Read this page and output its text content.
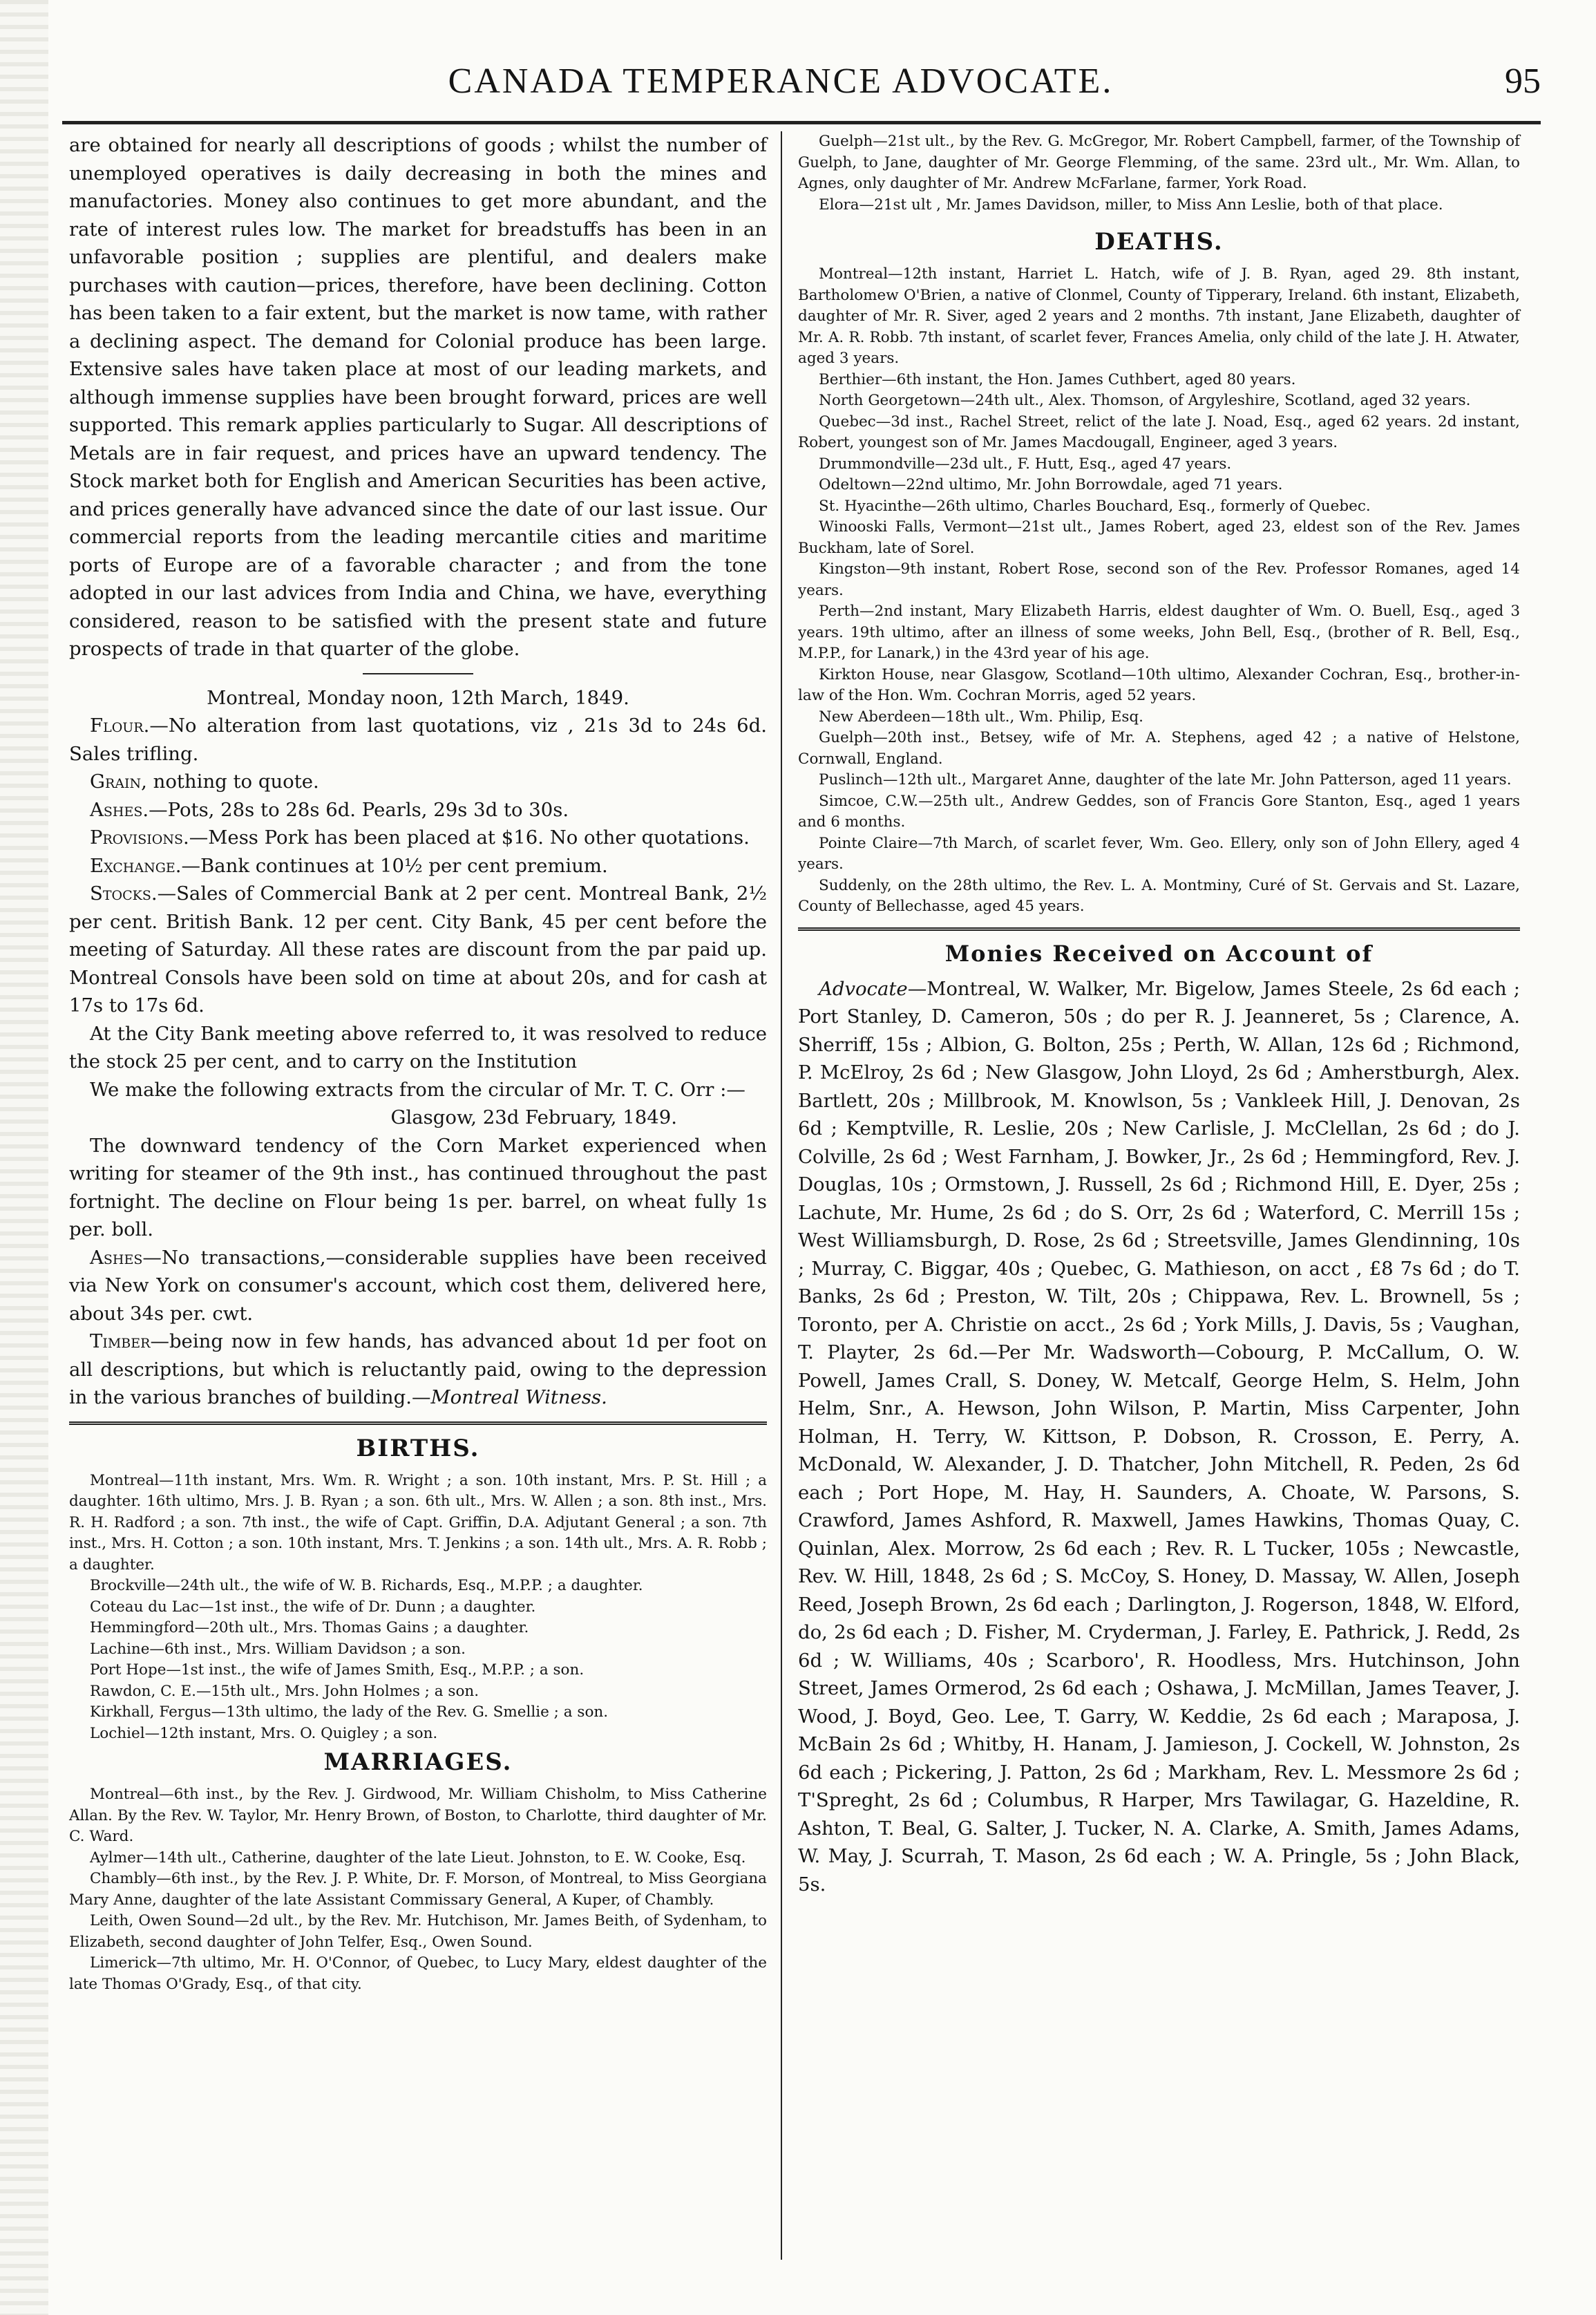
CANADA TEMPERANCE ADVOCATE.	95

are obtained for nearly all descriptions of goods ; whilst the number of unemployed operatives is daily decreasing in both the mines and manufactories. Money also continues to get more abundant, and the rate of interest rules low. The market for breadstuffs has been in an unfavorable position ; supplies are plentiful, and dealers make purchases with caution—prices, therefore, have been declining. Cotton has been taken to a fair extent, but the market is now tame, with rather a declining aspect. The demand for Colonial produce has been large. Extensive sales have taken place at most of our leading markets, and although immense supplies have been brought forward, prices are well supported. This remark applies particularly to Sugar. All descriptions of Metals are in fair request, and prices have an upward tendency. The Stock market both for English and American Securities has been active, and prices generally have advanced since the date of our last issue. Our commercial reports from the leading mercantile cities and maritime ports of Europe are of a favorable character ; and from the tone adopted in our last advices from India and China, we have, everything considered, reason to be satisfied with the present state and future prospects of trade in that quarter of the globe.

Montreal, Monday noon, 12th March, 1849.

Flour.—No alteration from last quotations, viz , 21s 3d to 24s 6d. Sales trifling.

Grain, nothing to quote.

Ashes.—Pots, 28s to 28s 6d. Pearls, 29s 3d to 30s.

Provisions.—Mess Pork has been placed at $16. No other quotations.

Exchange.—Bank continues at 10½ per cent premium.

Stocks.—Sales of Commercial Bank at 2 per cent. Montreal Bank, 2½ per cent. British Bank. 12 per cent. City Bank, 45 per cent before the meeting of Saturday. All these rates are discount from the par paid up. Montreal Consols have been sold on time at about 20s, and for cash at 17s to 17s 6d.

At the City Bank meeting above referred to, it was resolved to reduce the stock 25 per cent, and to carry on the Institution

We make the following extracts from the circular of Mr. T. C. Orr :—

Glasgow, 23d February, 1849.

The downward tendency of the Corn Market experienced when writing for steamer of the 9th inst., has continued throughout the past fortnight. The decline on Flour being 1s per. barrel, on wheat fully 1s per. boll.

Ashes—No transactions,—considerable supplies have been received via New York on consumer's account, which cost them, delivered here, about 34s per. cwt.

Timber—being now in few hands, has advanced about 1d per foot on all descriptions, but which is reluctantly paid, owing to the depression in the various branches of building.—Montreal Witness.

BIRTHS.

Montreal—11th instant, Mrs. Wm. R. Wright ; a son. 10th instant, Mrs. P. St. Hill ; a daughter. 16th ultimo, Mrs. J. B. Ryan ; a son. 6th ult., Mrs. W. Allen ; a son. 8th inst., Mrs. R. H. Radford ; a son. 7th inst., the wife of Capt. Griffin, D.A. Adjutant General ; a son. 7th inst., Mrs. H. Cotton ; a son. 10th instant, Mrs. T. Jenkins ; a son. 14th ult., Mrs. A. R. Robb ; a daughter.

Brockville—24th ult., the wife of W. B. Richards, Esq., M.P.P. ; a daughter.

Coteau du Lac—1st inst., the wife of Dr. Dunn ; a daughter.

Hemmingford—20th ult., Mrs. Thomas Gains ; a daughter.

Lachine—6th inst., Mrs. William Davidson ; a son.

Port Hope—1st inst., the wife of James Smith, Esq., M.P.P. ; a son.

Rawdon, C. E.—15th ult., Mrs. John Holmes ; a son.

Kirkhall, Fergus—13th ultimo, the lady of the Rev. G. Smellie ; a son.

Lochiel—12th instant, Mrs. O. Quigley ; a son.

MARRIAGES.

Montreal—6th inst., by the Rev. J. Girdwood, Mr. William Chisholm, to Miss Catherine Allan. By the Rev. W. Taylor, Mr. Henry Brown, of Boston, to Charlotte, third daughter of Mr. C. Ward.

Aylmer—14th ult., Catherine, daughter of the late Lieut. Johnston, to E. W. Cooke, Esq.

Chambly—6th inst., by the Rev. J. P. White, Dr. F. Morson, of Montreal, to Miss Georgiana Mary Anne, daughter of the late Assistant Commissary General, A Kuper, of Chambly.

Leith, Owen Sound—2d ult., by the Rev. Mr. Hutchison, Mr. James Beith, of Sydenham, to Elizabeth, second daughter of John Telfer, Esq., Owen Sound.

Limerick—7th ultimo, Mr. H. O'Connor, of Quebec, to Lucy Mary, eldest daughter of the late Thomas O'Grady, Esq., of that city.

Guelph—21st ult., by the Rev. G. McGregor, Mr. Robert Campbell, farmer, of the Township of Guelph, to Jane, daughter of Mr. George Flemming, of the same. 23rd ult., Mr. Wm. Allan, to Agnes, only daughter of Mr. Andrew McFarlane, farmer, York Road.

Elora—21st ult , Mr. James Davidson, miller, to Miss Ann Leslie, both of that place.

DEATHS.

Montreal—12th instant, Harriet L. Hatch, wife of J. B. Ryan, aged 29. 8th instant, Bartholomew O'Brien, a native of Clonmel, County of Tipperary, Ireland. 6th instant, Elizabeth, daughter of Mr. R. Siver, aged 2 years and 2 months. 7th instant, Jane Elizabeth, daughter of Mr. A. R. Robb. 7th instant, of scarlet fever, Frances Amelia, only child of the late J. H. Atwater, aged 3 years.

Berthier—6th instant, the Hon. James Cuthbert, aged 80 years.

North Georgetown—24th ult., Alex. Thomson, of Argyleshire, Scotland, aged 32 years.

Quebec—3d inst., Rachel Street, relict of the late J. Noad, Esq., aged 62 years. 2d instant, Robert, youngest son of Mr. James Macdougall, Engineer, aged 3 years.

Drummondville—23d ult., F. Hutt, Esq., aged 47 years.

Odeltown—22nd ultimo, Mr. John Borrowdale, aged 71 years.

St. Hyacinthe—26th ultimo, Charles Bouchard, Esq., formerly of Quebec.

Winooski Falls, Vermont—21st ult., James Robert, aged 23, eldest son of the Rev. James Buckham, late of Sorel.

Kingston—9th instant, Robert Rose, second son of the Rev. Professor Romanes, aged 14 years.

Perth—2nd instant, Mary Elizabeth Harris, eldest daughter of Wm. O. Buell, Esq., aged 3 years. 19th ultimo, after an illness of some weeks, John Bell, Esq., (brother of R. Bell, Esq., M.P.P., for Lanark,) in the 43rd year of his age.

Kirkton House, near Glasgow, Scotland—10th ultimo, Alexander Cochran, Esq., brother-in-law of the Hon. Wm. Cochran Morris, aged 52 years.

New Aberdeen—18th ult., Wm. Philip, Esq.

Guelph—20th inst., Betsey, wife of Mr. A. Stephens, aged 42 ; a native of Helstone, Cornwall, England.

Puslinch—12th ult., Margaret Anne, daughter of the late Mr. John Patterson, aged 11 years.

Simcoe, C.W.—25th ult., Andrew Geddes, son of Francis Gore Stanton, Esq., aged 1 years and 6 months.

Pointe Claire—7th March, of scarlet fever, Wm. Geo. Ellery, only son of John Ellery, aged 4 years.

Suddenly, on the 28th ultimo, the Rev. L. A. Montminy, Curé of St. Gervais and St. Lazare, County of Bellechasse, aged 45 years.

Monies Received on Account of

Advocate—Montreal, W. Walker, Mr. Bigelow, James Steele, 2s 6d each ; Port Stanley, D. Cameron, 50s ; do per R. J. Jeanneret, 5s ; Clarence, A. Sherriff, 15s ; Albion, G. Bolton, 25s ; Perth, W. Allan, 12s 6d ; Richmond, P. McElroy, 2s 6d ; New Glasgow, John Lloyd, 2s 6d ; Amherstburgh, Alex. Bartlett, 20s ; Millbrook, M. Knowlson, 5s ; Vankleek Hill, J. Denovan, 2s 6d ; Kemptville, R. Leslie, 20s ; New Carlisle, J. McClellan, 2s 6d ; do J. Colville, 2s 6d ; West Farnham, J. Bowker, Jr., 2s 6d ; Hemmingford, Rev. J. Douglas, 10s ; Ormstown, J. Russell, 2s 6d ; Richmond Hill, E. Dyer, 25s ; Lachute, Mr. Hume, 2s 6d ; do S. Orr, 2s 6d ; Waterford, C. Merrill 15s ; West Williamsburgh, D. Rose, 2s 6d ; Streetsville, James Glendinning, 10s ; Murray, C. Biggar, 40s ; Quebec, G. Mathieson, on acct , £8 7s 6d ; do T. Banks, 2s 6d ; Preston, W. Tilt, 20s ; Chippawa, Rev. L. Brownell, 5s ; Toronto, per A. Christie on acct., 2s 6d ; York Mills, J. Davis, 5s ; Vaughan, T. Playter, 2s 6d.—Per Mr. Wadsworth—Cobourg, P. McCallum, O. W. Powell, James Crall, S. Doney, W. Metcalf, George Helm, S. Helm, John Helm, Snr., A. Hewson, John Wilson, P. Martin, Miss Carpenter, John Holman, H. Terry, W. Kittson, P. Dobson, R. Crosson, E. Perry, A. McDonald, W. Alexander, J. D. Thatcher, John Mitchell, R. Peden, 2s 6d each ; Port Hope, M. Hay, H. Saunders, A. Choate, W. Parsons, S. Crawford, James Ashford, R. Maxwell, James Hawkins, Thomas Quay, C. Quinlan, Alex. Morrow, 2s 6d each ; Rev. R. L Tucker, 105s ; Newcastle, Rev. W. Hill, 1848, 2s 6d ; S. McCoy, S. Honey, D. Massay, W. Allen, Joseph Reed, Joseph Brown, 2s 6d each ; Darlington, J. Rogerson, 1848, W. Elford, do, 2s 6d each ; D. Fisher, M. Cryderman, J. Farley, E. Pathrick, J. Redd, 2s 6d ; W. Williams, 40s ; Scarboro', R. Hoodless, Mrs. Hutchinson, John Street, James Ormerod, 2s 6d each ; Oshawa, J. McMillan, James Teaver, J. Wood, J. Boyd, Geo. Lee, T. Garry, W. Keddie, 2s 6d each ; Maraposa, J. McBain 2s 6d ; Whitby, H. Hanam, J. Jamieson, J. Cockell, W. Johnston, 2s 6d each ; Pickering, J. Patton, 2s 6d ; Markham, Rev. L. Messmore 2s 6d ; T'Spreght, 2s 6d ; Columbus, R Harper, Mrs Tawilagar, G. Hazeldine, R. Ashton, T. Beal, G. Salter, J. Tucker, N. A. Clarke, A. Smith, James Adams, W. May, J. Scurrah, T. Mason, 2s 6d each ; W. A. Pringle, 5s ; John Black, 5s.
